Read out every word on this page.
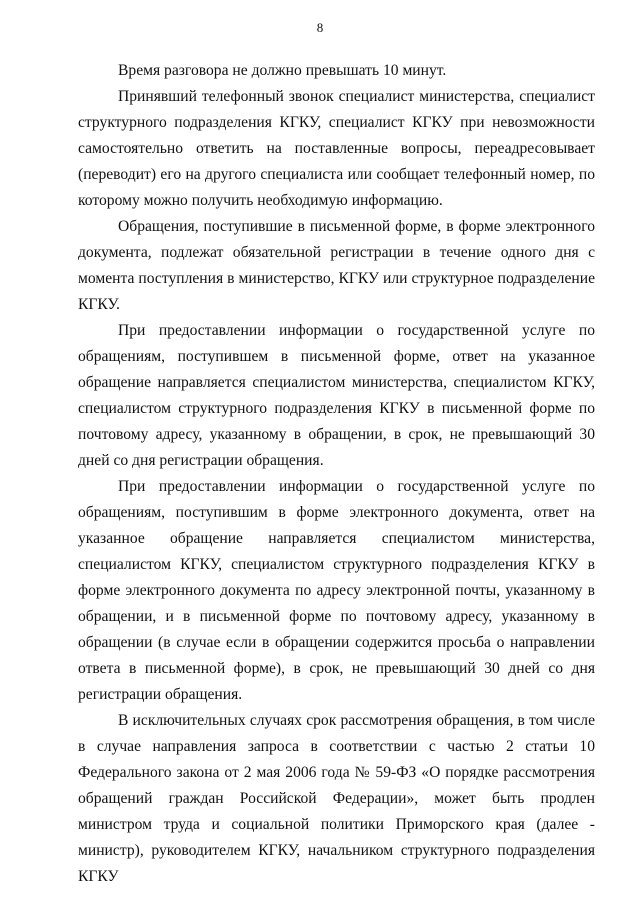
8

Время разговора не должно превышать 10 минут.

Принявший телефонный звонок специалист министерства, специалист структурного подразделения КГКУ, специалист КГКУ при невозможности самостоятельно ответить на поставленные вопросы, переадресовывает (переводит) его на другого специалиста или сообщает телефонный номер, по которому можно получить необходимую информацию.

Обращения, поступившие в письменной форме, в форме электронного документа, подлежат обязательной регистрации в течение одного дня с момента поступления в министерство, КГКУ или структурное подразделение КГКУ.

При предоставлении информации о государственной услуге по обращениям, поступившем в письменной форме, ответ на указанное обращение направляется специалистом министерства, специалистом КГКУ, специалистом структурного подразделения КГКУ в письменной форме по почтовому адресу, указанному в обращении, в срок, не превышающий 30 дней со дня регистрации обращения.

При предоставлении информации о государственной услуге по обращениям, поступившим в форме электронного документа, ответ на указанное обращение направляется специалистом министерства, специалистом КГКУ, специалистом структурного подразделения КГКУ в форме электронного документа по адресу электронной почты, указанному в обращении, и в письменной форме по почтовому адресу, указанному в обращении (в случае если в обращении содержится просьба о направлении ответа в письменной форме), в срок, не превышающий 30 дней со дня регистрации обращения.

В исключительных случаях срок рассмотрения обращения, в том числе в случае направления запроса в соответствии с частью 2 статьи 10 Федерального закона от 2 мая 2006 года № 59-ФЗ «О порядке рассмотрения обращений граждан Российской Федерации», может быть продлен министром труда и социальной политики Приморского края (далее - министр), руководителем КГКУ, начальником структурного подразделения КГКУ
